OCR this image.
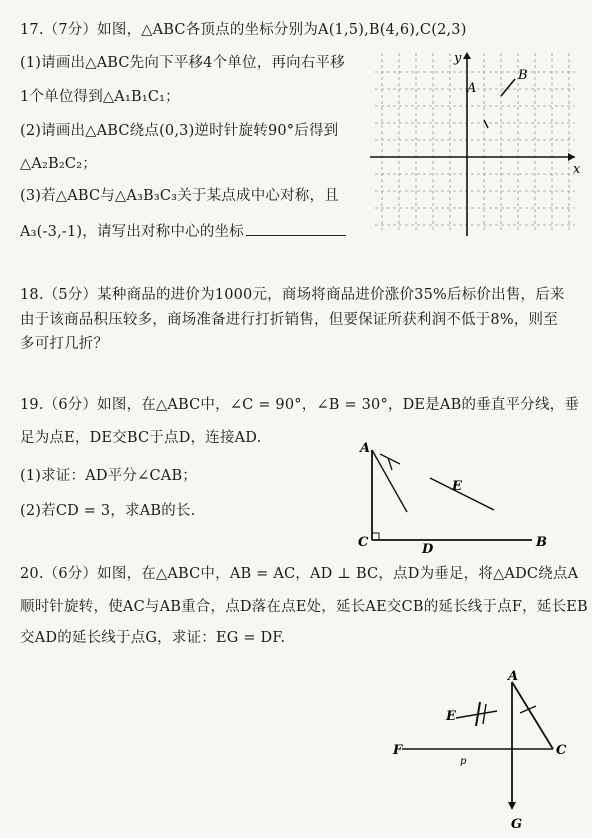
17.（7分）如图，△ABC各顶点的坐标分别为A(1,5),B(4,6),C(2,3)
(1)请画出△ABC先向下平移4个单位，再向右平移
1个单位得到△A₁B₁C₁；
(2)请画出△ABC绕点(0,3)逆时针旋转90°后得到
△A₂B₂C₂；
(3)若△ABC与△A₃B₃C₃关于某点成中心对称，且
A₃(-3,-1)，请写出对称中心的坐标
y
x
A
B
18.（5分）某种商品的进价为1000元，商场将商品进价涨价35%后标价出售，后来
由于该商品积压较多，商场准备进行打折销售，但要保证所获利润不低于8%，则至
多可打几折？
19.（6分）如图，在△ABC中，∠C = 90°，∠B = 30°，DE是AB的垂直平分线，垂
足为点E，DE交BC于点D，连接AD.
(1)求证：AD平分∠CAB；
(2)若CD = 3，求AB的长.
A
B
C	D
E
20.（6分）如图，在△ABC中，AB = AC，AD ⊥ BC，点D为垂足，将△ADC绕点A
顺时针旋转，使AC与AB重合，点D落在点E处，延长AE交CB的延长线于点F，延长EB
交AD的延长线于点G，求证：EG = DF.
A
C
F
G
E
p
